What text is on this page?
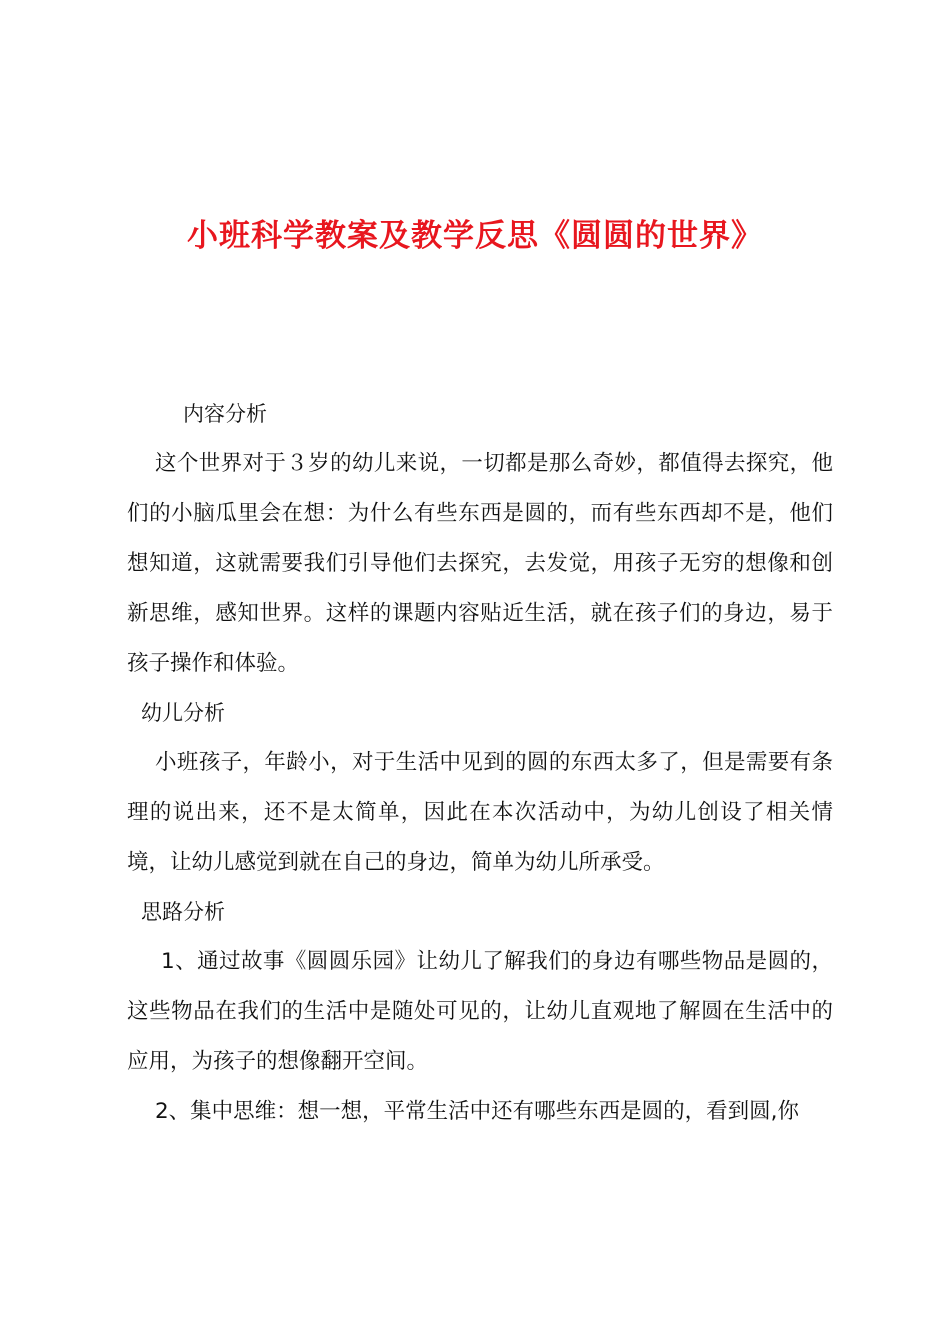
小班科学教案及教学反思《圆圆的世界》
内容分析

这个世界对于３岁的幼儿来说，一切都是那么奇妙，都值得去探究，他们的小脑瓜里会在想：为什么有些东西是圆的，而有些东西却不是，他们想知道，这就需要我们引导他们去探究，去发觉，用孩子无穷的想像和创新思维，感知世界。这样的课题内容贴近生活，就在孩子们的身边，易于孩子操作和体验。

幼儿分析

小班孩子，年龄小，对于生活中见到的圆的东西太多了，但是需要有条理的说出来，还不是太简单，因此在本次活动中，为幼儿创设了相关情境，让幼儿感觉到就在自己的身边，简单为幼儿所承受。

思路分析

1、通过故事《圆圆乐园》让幼儿了解我们的身边有哪些物品是圆的，这些物品在我们的生活中是随处可见的，让幼儿直观地了解圆在生活中的应用，为孩子的想像翻开空间。

2、集中思维：想一想，平常生活中还有哪些东西是圆的，看到圆,你
